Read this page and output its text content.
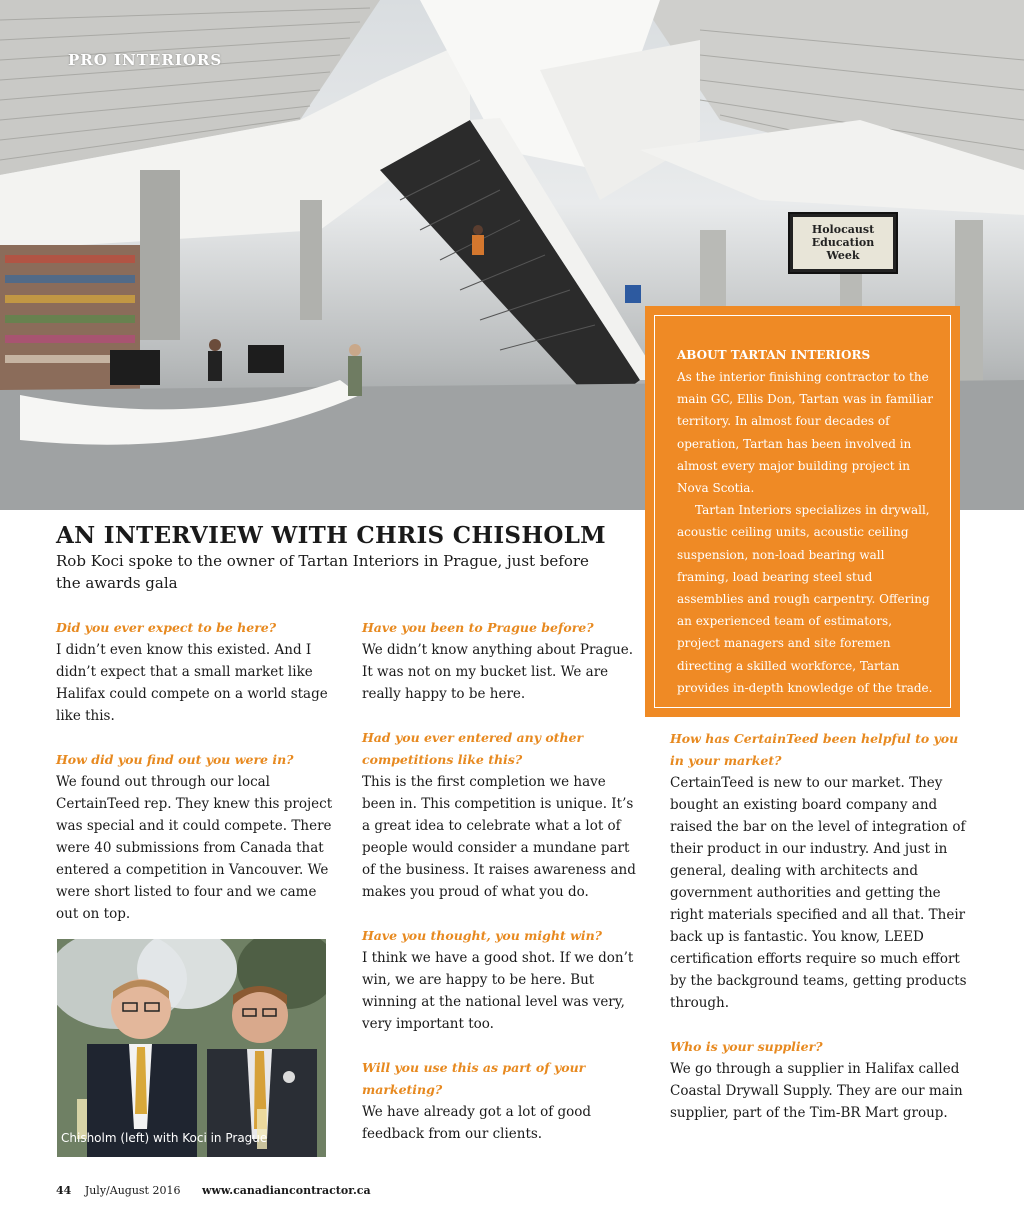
PRO INTERIORS
Holocaust
Education
Week
ABOUT TARTAN INTERIORS

As the interior finishing contractor to the main GC, Ellis Don, Tartan was in familiar territory. In almost four decades of operation, Tartan has been involved in almost every major building project in Nova Scotia.

Tartan Interiors specializes in drywall, acoustic ceiling units, acoustic ceiling suspension, non-load bearing wall framing, load bearing steel stud assemblies and rough carpentry. Offering an experienced team of estimators, project managers and site foremen directing a skilled workforce, Tartan provides in-depth knowledge of the trade.

AN INTERVIEW WITH CHRIS CHISHOLM
Rob Koci spoke to the owner of Tartan Interiors in Prague, just before the awards gala
Did you ever expect to be here?
I didn’t even know this existed. And I didn’t expect that a small market like Halifax could compete on a world stage like this.
How did you find out you were in?
We found out through our local CertainTeed rep. They knew this project was special and it could compete. There were 40 submissions from Canada that entered a competition in Vancouver. We were short listed to four and we came out on top.
Have you been to Prague before?
We didn’t know anything about Prague. It was not on my bucket list. We are really happy to be here.
Had you ever entered any other competitions like this?
This is the first completion we have been in. This competition is unique. It’s a great idea to celebrate what a lot of people would consider a mundane part of the business. It raises awareness and makes you proud of what you do.
Have you thought, you might win?
I think we have a good shot. If we don’t win, we are happy to be here. But winning at the national level was very, very important too.
Will you use this as part of your marketing?
We have already got a lot of good feedback from our clients.
How has CertainTeed been helpful to you in your market?
CertainTeed is new to our market. They bought an existing board company and raised the bar on the level of integration of their product in our industry. And just in general, dealing with architects and government authorities and getting the right materials specified and all that. Their back up is fantastic. You know, LEED certification efforts require so much effort by the background teams, getting products through.
Who is your supplier?
We go through a supplier in Halifax called Coastal Drywall Supply. They are our main supplier, part of the Tim-BR Mart group.
Chisholm (left) with Koci in Prague
44 July/August 2016 www.canadiancontractor.ca
